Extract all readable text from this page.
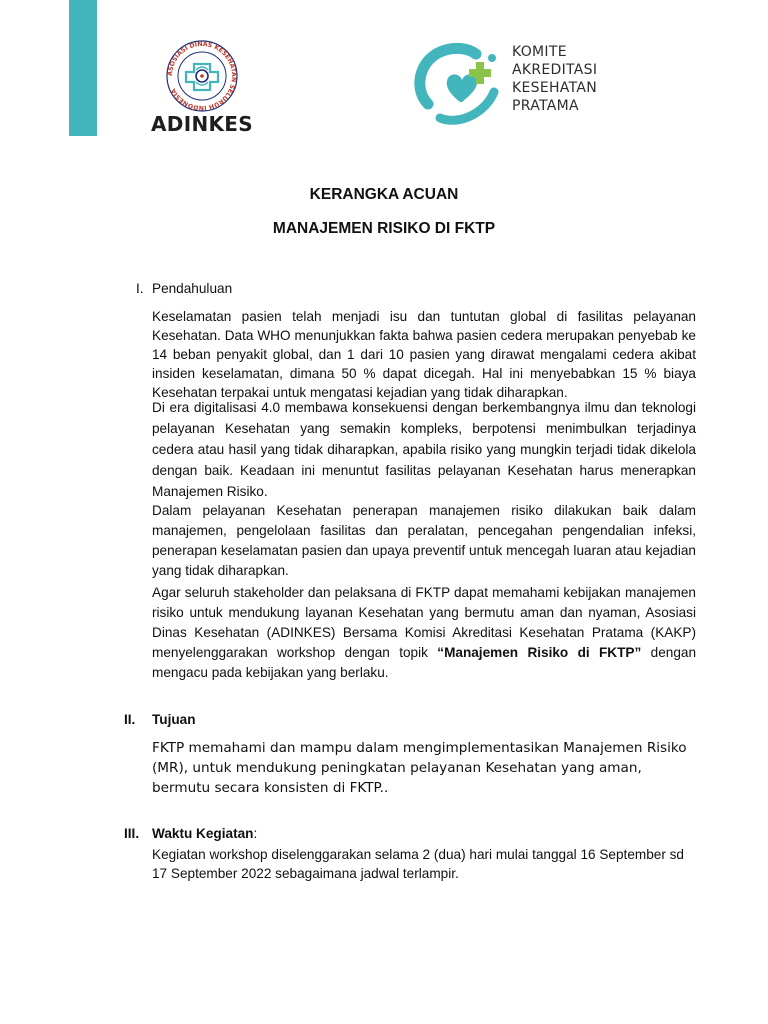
ASOSIASI DINAS KESEHATAN SELURUH INDONESIA
ADINKES
KOMITE
AKREDITASI
KESEHATAN
PRATAMA
KERANGKA ACUAN
MANAJEMEN RISIKO DI FKTP
I. Pendahuluan
Keselamatan pasien telah menjadi isu dan tuntutan global di fasilitas pelayanan Kesehatan. Data WHO menunjukkan fakta bahwa pasien cedera merupakan penyebab ke 14 beban penyakit global, dan 1 dari 10 pasien yang dirawat mengalami cedera akibat insiden keselamatan, dimana 50 % dapat dicegah. Hal ini menyebabkan 15 % biaya Kesehatan terpakai untuk mengatasi kejadian yang tidak diharapkan.
Di era digitalisasi 4.0 membawa konsekuensi dengan berkembangnya ilmu dan teknologi pelayanan Kesehatan yang semakin kompleks, berpotensi menimbulkan terjadinya cedera atau hasil yang tidak diharapkan, apabila risiko yang mungkin terjadi tidak dikelola dengan baik. Keadaan ini menuntut fasilitas pelayanan Kesehatan harus menerapkan Manajemen Risiko.
Dalam pelayanan Kesehatan penerapan manajemen risiko dilakukan baik dalam manajemen, pengelolaan fasilitas dan peralatan, pencegahan pengendalian infeksi, penerapan keselamatan pasien dan upaya preventif untuk mencegah luaran atau kejadian yang tidak diharapkan.
Agar seluruh stakeholder dan pelaksana di FKTP dapat memahami kebijakan manajemen risiko untuk mendukung layanan Kesehatan yang bermutu aman dan nyaman, Asosiasi Dinas Kesehatan (ADINKES) Bersama Komisi Akreditasi Kesehatan Pratama (KAKP) menyelenggarakan workshop dengan topik “Manajemen Risiko di FKTP” dengan mengacu pada kebijakan yang berlaku.
II. Tujuan
FKTP memahami dan mampu dalam mengimplementasikan Manajemen Risiko (MR), untuk mendukung peningkatan pelayanan Kesehatan yang aman, bermutu secara konsisten di FKTP..
III. Waktu Kegiatan:
Kegiatan workshop diselenggarakan selama 2 (dua) hari mulai tanggal 16 September sd 17 September 2022 sebagaimana jadwal terlampir.
